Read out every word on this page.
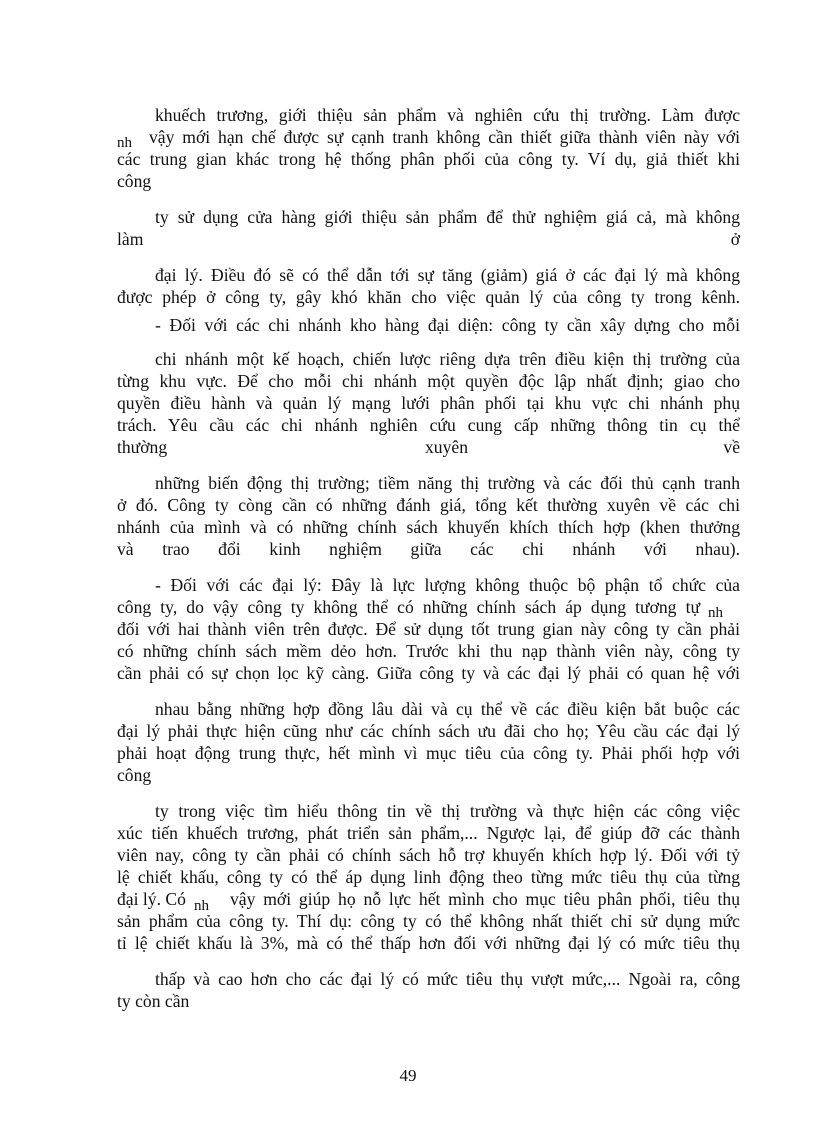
khuếch trương, giới thiệu sản phẩm và nghiên cứu thị trường. Làm được
nh vậy mới hạn chế được sự cạnh tranh không cần thiết giữa thành viên này với
các trung gian khác trong hệ thống phân phối của công ty. Ví dụ, giả thiết khi
công
ty sử dụng cửa hàng giới thiệu sản phẩm để thử nghiệm giá cả, mà không
làm	ở
đại lý. Điều đó sẽ có thể dẫn tới sự tăng (giảm) giá ở các đại lý mà không
được phép ở công ty, gây khó khăn cho việc quản lý của công ty trong kênh.
- Đối với các chi nhánh kho hàng đại diện: công ty cần xây dựng cho mỗi
chi nhánh một kế hoạch, chiến lược riêng dựa trên điều kiện thị trường của
từng khu vực. Để cho mỗi chi nhánh một quyền độc lập nhất định; giao cho
quyền điều hành và quản lý mạng lưới phân phối tại khu vực chi nhánh phụ
trách. Yêu cầu các chi nhánh nghiên cứu cung cấp những thông tin cụ thể
thường	xuyên	về
những biến động thị trường; tiềm năng thị trường và các đối thủ cạnh tranh
ở đó. Công ty còng cần có những đánh giá, tổng kết thường xuyên về các chi
nhánh của mình và có những chính sách khuyến khích thích hợp (khen thưởng
và trao đổi kinh nghiệm giữa các chi nhánh với nhau).
- Đối với các đại lý: Đây là lực lượng không thuộc bộ phận tổ chức của
công ty, do vậy công ty không thể có những chính sách áp dụng tương tự nh
đối với hai thành viên trên được. Để sử dụng tốt trung gian này công ty cần phải
có những chính sách mềm dẻo hơn. Trước khi thu nạp thành viên này, công ty
cần phải có sự chọn lọc kỹ càng. Giữa công ty và các đại lý phải có quan hệ với
nhau bằng những hợp đồng lâu dài và cụ thể về các điều kiện bắt buộc các
đại lý phải thực hiện cũng như các chính sách ưu đãi cho họ; Yêu cầu các đại lý
phải hoạt động trung thực, hết mình vì mục tiêu của công ty. Phải phối hợp với
công
ty trong việc tìm hiểu thông tin về thị trường và thực hiện các công việc
xúc tiến khuếch trương, phát triển sản phẩm,... Ngược lại, để giúp đỡ các thành
viên nay, công ty cần phải có chính sách hỗ trợ khuyến khích hợp lý. Đối với tỷ
lệ chiết khấu, công ty có thể áp dụng linh động theo từng mức tiêu thụ của từng
đại lý. Có nh vậy mới giúp họ nỗ lực hết mình cho mục tiêu phân phối, tiêu thụ
sản phẩm của công ty. Thí dụ: công ty có thể không nhất thiết chỉ sử dụng mức
tỉ lệ chiết khấu là 3%, mà có thể thấp hơn đối với những đại lý có mức tiêu thụ
thấp và cao hơn cho các đại lý có mức tiêu thụ vượt mức,... Ngoài ra, công
ty còn cần
49
